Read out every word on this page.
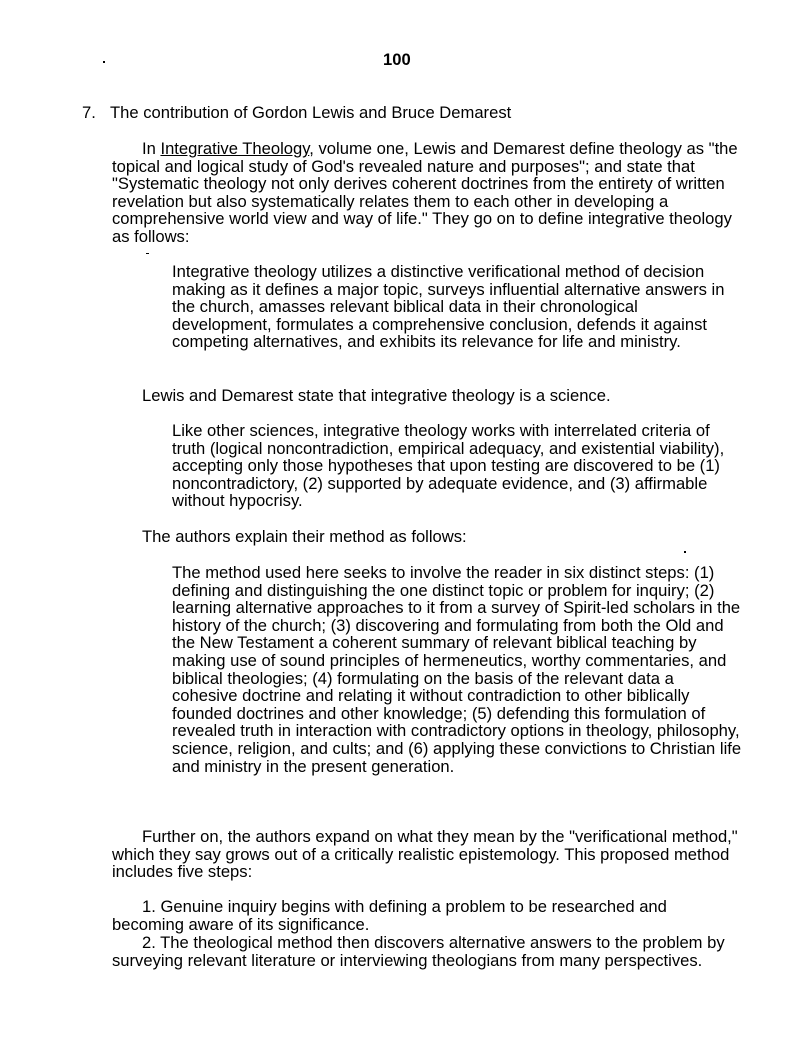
100
7. The contribution of Gordon Lewis and Bruce Demarest

In Integrative Theology, volume one, Lewis and Demarest define theology as "the topical and logical study of God's revealed nature and purposes"; and state that "Systematic theology not only derives coherent doctrines from the entirety of written revelation but also systematically relates them to each other in developing a comprehensive world view and way of life." They go on to define integrative theology as follows:

Integrative theology utilizes a distinctive verificational method of decision making as it defines a major topic, surveys influential alternative answers in the church, amasses relevant biblical data in their chronological development, formulates a comprehensive conclusion, defends it against competing alternatives, and exhibits its relevance for life and ministry.

Lewis and Demarest state that integrative theology is a science.

Like other sciences, integrative theology works with interrelated criteria of truth (logical noncontradiction, empirical adequacy, and existential viability), accepting only those hypotheses that upon testing are discovered to be (1) noncontradictory, (2) supported by adequate evidence, and (3) affirmable without hypocrisy.

The authors explain their method as follows:

The method used here seeks to involve the reader in six distinct steps: (1) defining and distinguishing the one distinct topic or problem for inquiry; (2) learning alternative approaches to it from a survey of Spirit-led scholars in the history of the church; (3) discovering and formulating from both the Old and the New Testament a coherent summary of relevant biblical teaching by making use of sound principles of hermeneutics, worthy commentaries, and biblical theologies; (4) formulating on the basis of the relevant data a cohesive doctrine and relating it without contradiction to other biblically founded doctrines and other knowledge; (5) defending this formulation of revealed truth in interaction with contradictory options in theology, philosophy, science, religion, and cults; and (6) applying these convictions to Christian life and ministry in the present generation.

Further on, the authors expand on what they mean by the "verificational method," which they say grows out of a critically realistic epistemology. This proposed method includes five steps:

1. Genuine inquiry begins with defining a problem to be researched and becoming aware of its significance.

2. The theological method then discovers alternative answers to the problem by surveying relevant literature or interviewing theologians from many perspectives.
